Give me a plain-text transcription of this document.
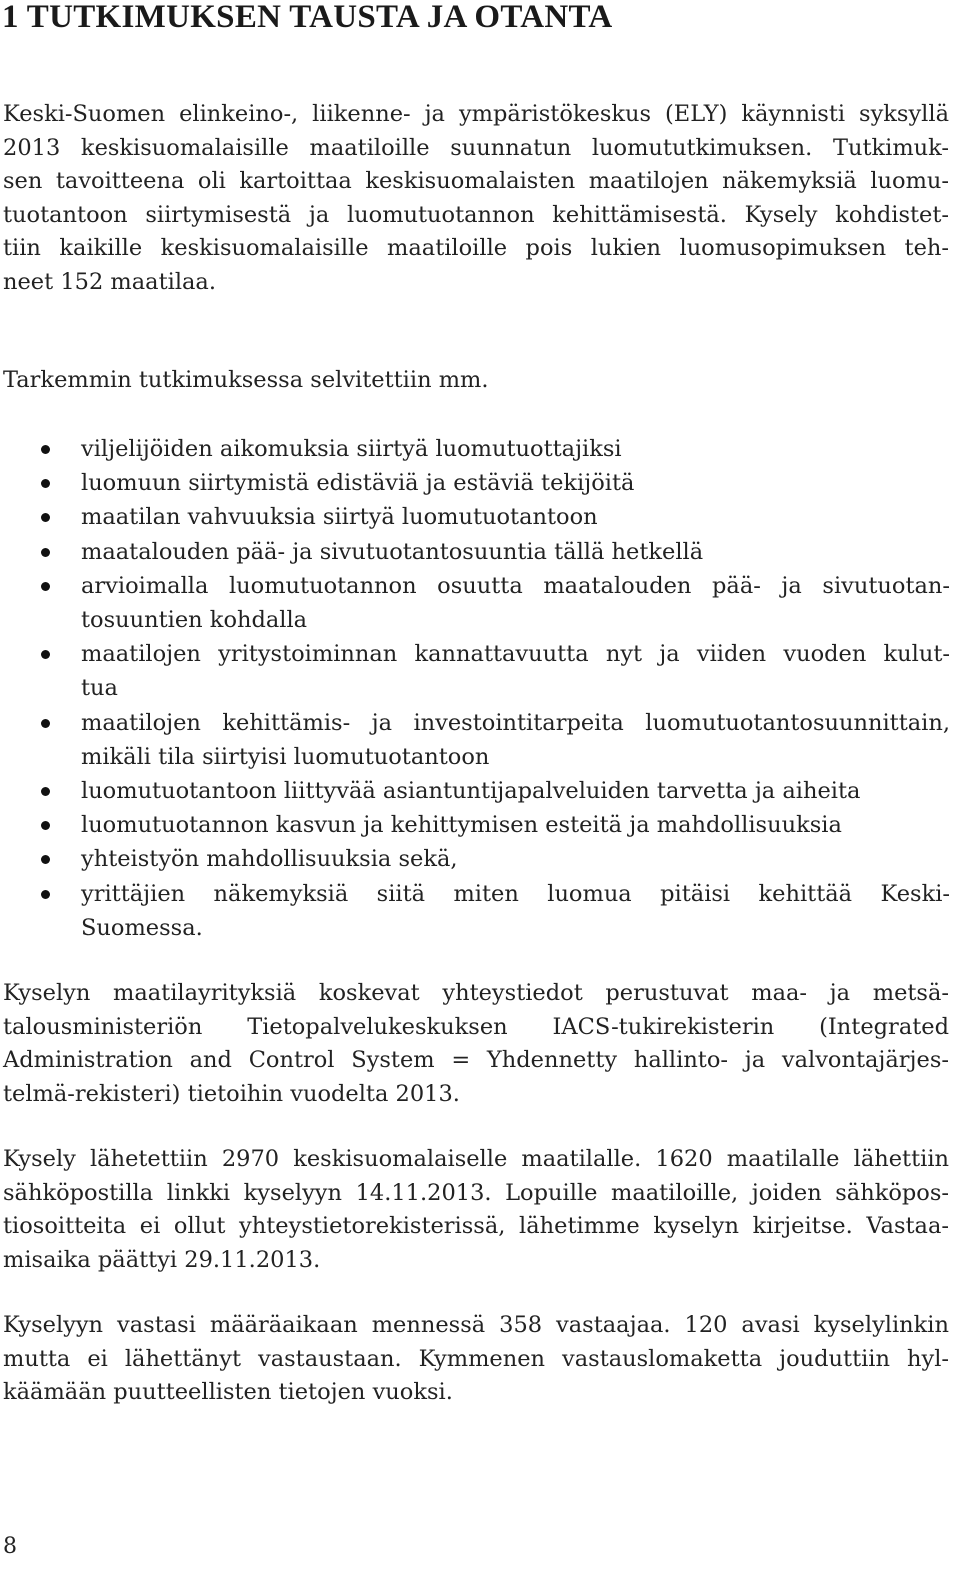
1 TUTKIMUKSEN TAUSTA JA OTANTA
Keski-Suomen elinkeino-, liikenne- ja ympäristökeskus (ELY) käynnisti syksyllä
2013 keskisuomalaisille maatiloille suunnatun luomututkimuksen. Tutkimuk-
sen tavoitteena oli kartoittaa keskisuomalaisten maatilojen näkemyksiä luomu-
tuotantoon siirtymisestä ja luomutuotannon kehittämisestä. Kysely kohdistet-
tiin kaikille keskisuomalaisille maatiloille pois lukien luomusopimuksen teh-
neet 152 maatilaa.
Tarkemmin tutkimuksessa selvitettiin mm.
viljelijöiden aikomuksia siirtyä luomutuottajiksi
luomuun siirtymistä edistäviä ja estäviä tekijöitä
maatilan vahvuuksia siirtyä luomutuotantoon
maatalouden pää- ja sivutuotantosuuntia tällä hetkellä
arvioimalla luomutuotannon osuutta maatalouden pää- ja sivutuotan-
tosuuntien kohdalla
maatilojen yritystoiminnan kannattavuutta nyt ja viiden vuoden kulut-
tua
maatilojen kehittämis- ja investointitarpeita luomutuotantosuunnittain,
mikäli tila siirtyisi luomutuotantoon
luomutuotantoon liittyvää asiantuntijapalveluiden tarvetta ja aiheita
luomutuotannon kasvun ja kehittymisen esteitä ja mahdollisuuksia
yhteistyön mahdollisuuksia sekä,
yrittäjien näkemyksiä siitä miten luomua pitäisi kehittää Keski-
Suomessa.
Kyselyn maatilayrityksiä koskevat yhteystiedot perustuvat maa- ja metsä-
talousministeriön Tietopalvelukeskuksen IACS-tukirekisterin (Integrated
Administration and Control System = Yhdennetty hallinto- ja valvontajärjes-
telmä-rekisteri) tietoihin vuodelta 2013.
Kysely lähetettiin 2970 keskisuomalaiselle maatilalle. 1620 maatilalle lähettiin
sähköpostilla linkki kyselyyn 14.11.2013. Lopuille maatiloille, joiden sähköpos-
tiosoitteita ei ollut yhteystietorekisterissä, lähetimme kyselyn kirjeitse. Vastaa-
misaika päättyi 29.11.2013.
Kyselyyn vastasi määräaikaan mennessä 358 vastaajaa. 120 avasi kyselylinkin
mutta ei lähettänyt vastaustaan. Kymmenen vastauslomaketta jouduttiin hyl-
käämään puutteellisten tietojen vuoksi.
8
